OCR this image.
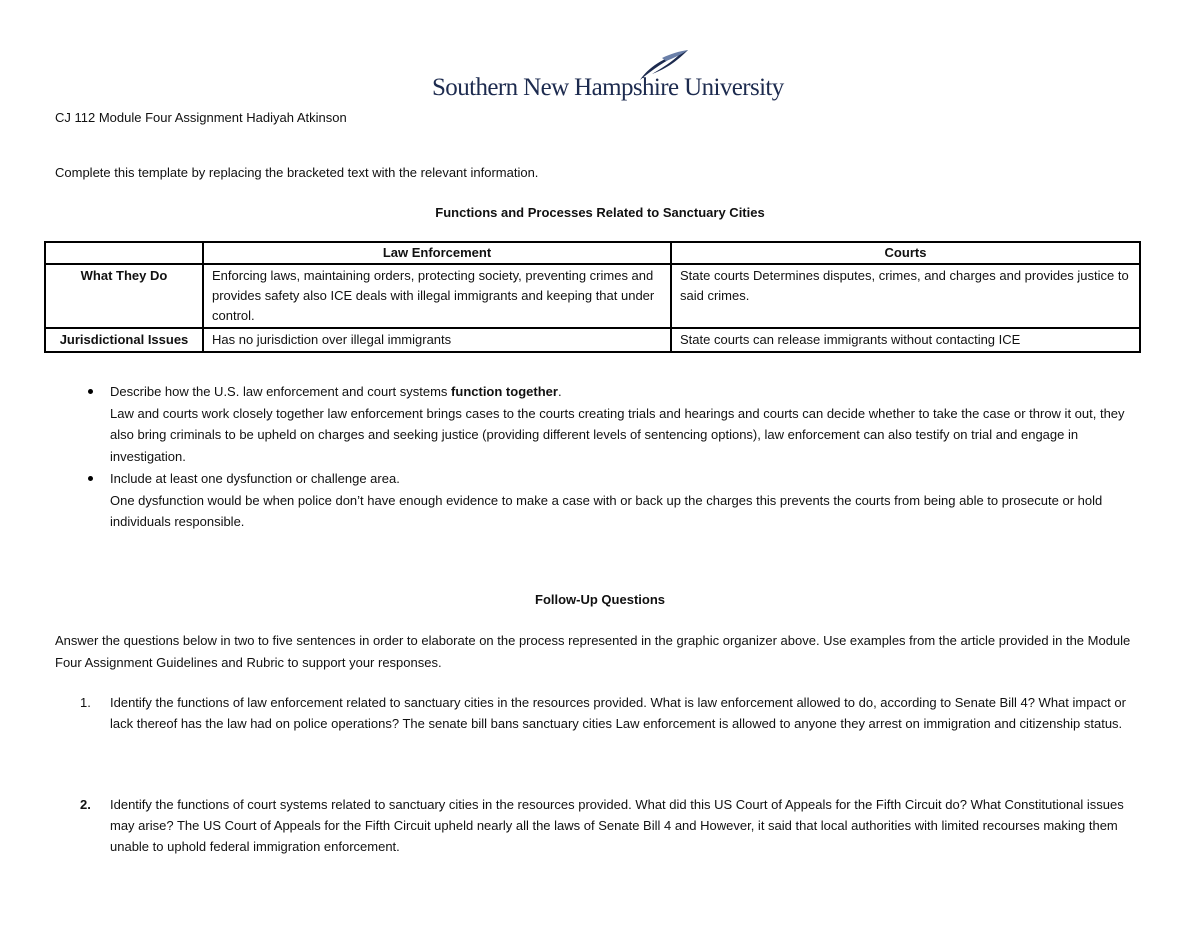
Southern New Hampshire University
CJ 112 Module Four Assignment Hadiyah Atkinson
Complete this template by replacing the bracketed text with the relevant information.
Functions and Processes Related to Sanctuary Cities
	Law Enforcement	Courts
What They Do	Enforcing laws, maintaining orders, protecting society, preventing crimes and provides safety also ICE deals with illegal immigrants and keeping that under control.	State courts Determines disputes, crimes, and charges and provides justice to said crimes.
Jurisdictional Issues	Has no jurisdiction over illegal immigrants	State courts can release immigrants without contacting ICE
Describe how the U.S. law enforcement and court systems function together.
Law and courts work closely together law enforcement brings cases to the courts creating trials and hearings and courts can decide whether to take the case or throw it out, they also bring criminals to be upheld on charges and seeking justice (providing different levels of sentencing options), law enforcement can also testify on trial and engage in investigation.
Include at least one dysfunction or challenge area.
One dysfunction would be when police don’t have enough evidence to make a case with or back up the charges this prevents the courts from being able to prosecute or hold individuals responsible.
Follow-Up Questions
Answer the questions below in two to five sentences in order to elaborate on the process represented in the graphic organizer above. Use examples from the article provided in the Module Four Assignment Guidelines and Rubric to support your responses.
1. Identify the functions of law enforcement related to sanctuary cities in the resources provided. What is law enforcement allowed to do, according to Senate Bill 4? What impact or lack thereof has the law had on police operations? The senate bill bans sanctuary cities Law enforcement is allowed to anyone they arrest on immigration and citizenship status.
2. Identify the functions of court systems related to sanctuary cities in the resources provided. What did this US Court of Appeals for the Fifth Circuit do? What Constitutional issues may arise? The US Court of Appeals for the Fifth Circuit upheld nearly all the laws of Senate Bill 4 and However, it said that local authorities with limited recourses making them unable to uphold federal immigration enforcement.
